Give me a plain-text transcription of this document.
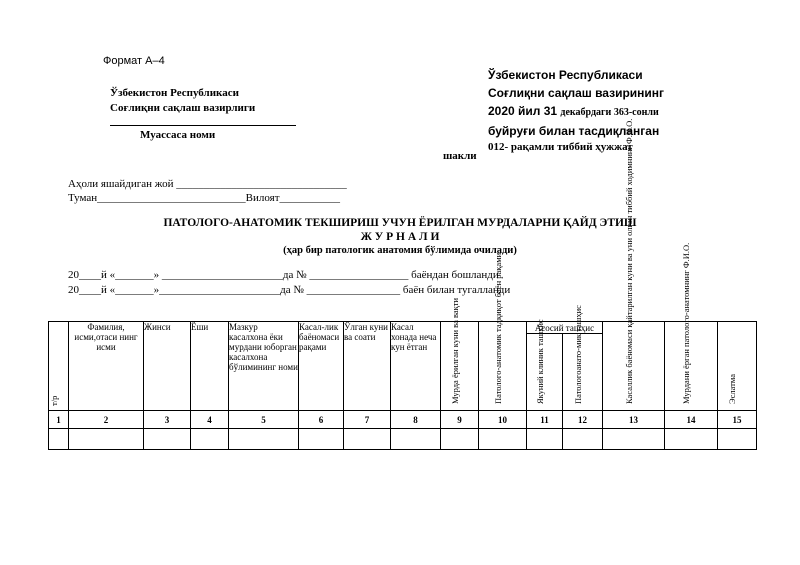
Формат А–4
Ўзбекистон Республикаси
Соғлиқни сақлаш вазирлиги
Муассаса номи
Ўзбекистон Республикаси
Соғлиқни сақлаш вазирининг
2020 йил 31 декабрдаги 363-сонли
буйруғи билан тасдиқланган
012- рақамли тиббий ҳужжат
шакли
Аҳоли яшайдиган жой _______________________________
Туман___________________________Вилоят___________
ПАТОЛОГО-АНАТОМИК ТЕКШИРИШ УЧУН ЁРИЛГАН МУРДАЛАРНИ ҚАЙД ЭТИШ
Ж У Р Н А Л И
(ҳар бир патологик анатомия бўлимида очилади)
20____й «_______» ______________________да № __________________ баёндан бошланди
20____й «_______»______________________да № _________________ баён билан тугалланди
т/р	Фамилия, исми,отаси нинг исми	Жинси	Ёши	Мазкур касалхона ёки мурдани юборган касалхона бўлимининг номи	Касал-лик баёномаси рақами	Ўлган куни ва соати	Касал хонада неча кун ётган	Мурда ёрилган куни ва вақти	Патолого-анатомик тадқиқот баён рақами	Асосий ташҳис		Касаллик баёномаси қайтарилган куни ва уни олган тиббий ходимнинг Ф.И.О.	Мурдани ёрган патолого-анатомнинг Ф.И.О.	Эслатма

										Якуний клиник ташҳис	Патологоанато-мик ташҳис			

1	2	3	4	5	6	7	8	9	10	11	12	13	14	15
